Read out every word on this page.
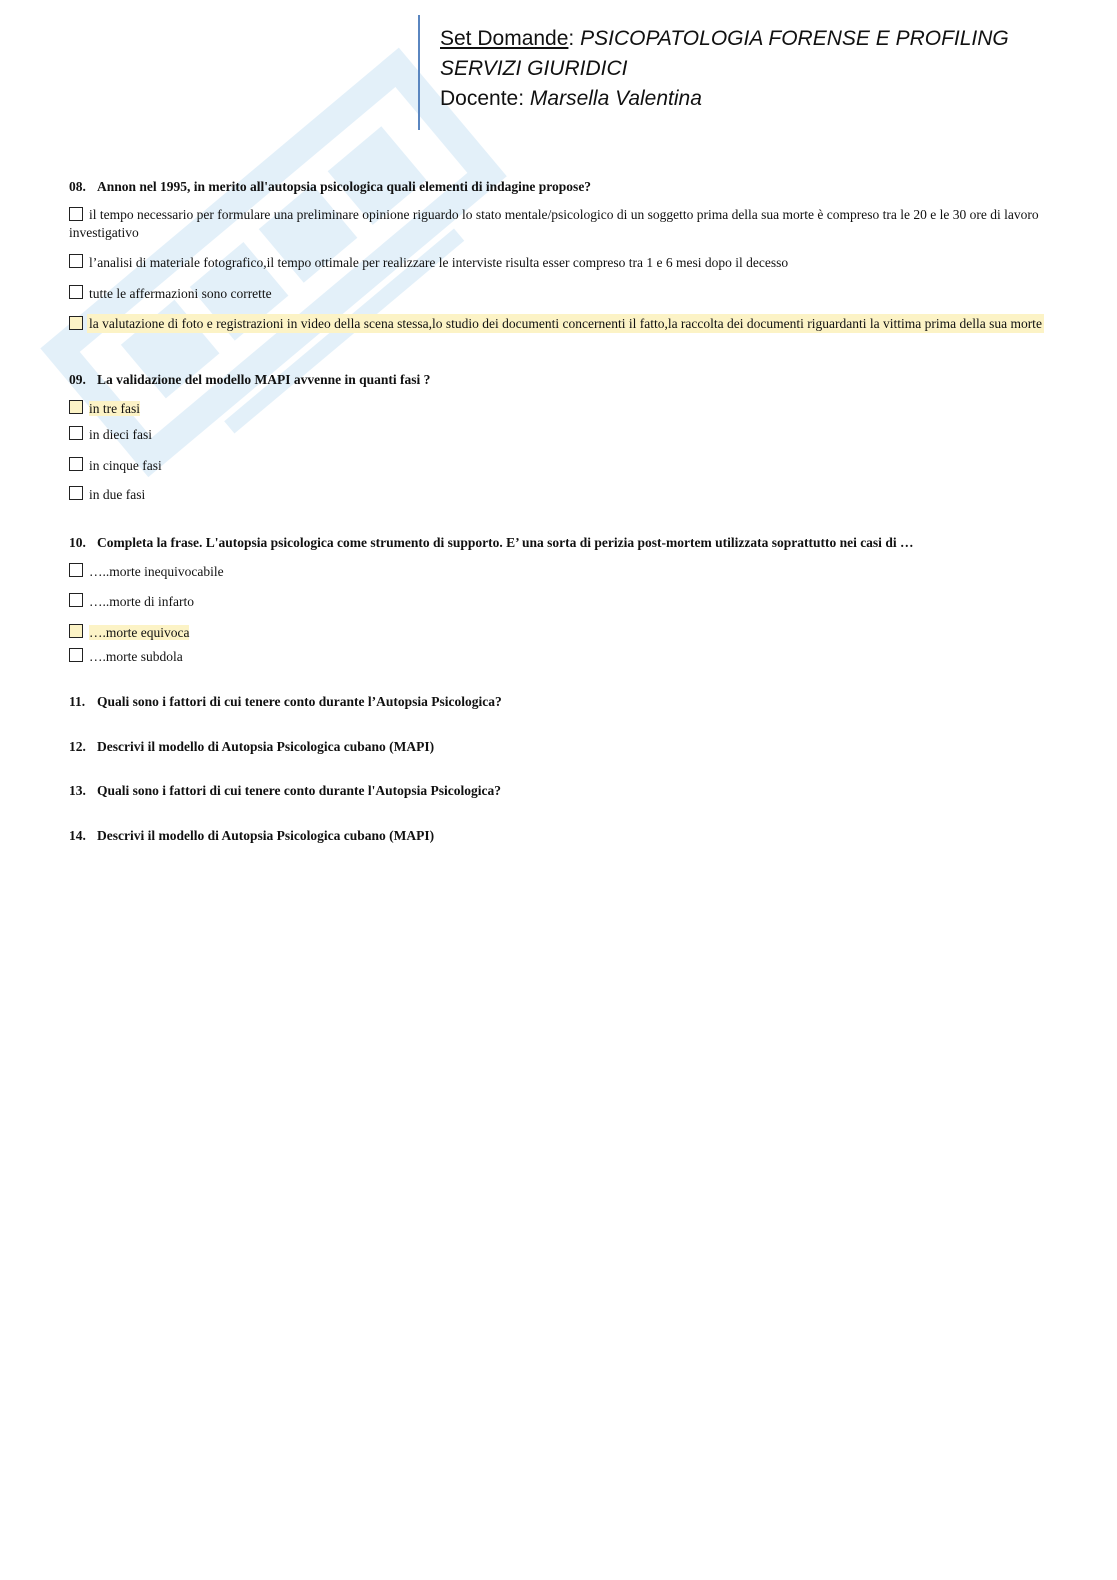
Set Domande: PSICOPATOLOGIA FORENSE E PROFILING SERVIZI GIURIDICI
Docente: Marsella Valentina
08. Annon nel 1995, in merito all'autopsia psicologica quali elementi di indagine propose?
il tempo necessario per formulare una preliminare opinione riguardo lo stato mentale/psicologico di un soggetto prima della sua morte è compreso tra le 20 e le 30 ore di lavoro investigativo
l’analisi di materiale fotografico,il tempo ottimale per realizzare le interviste risulta esser compreso tra 1 e 6 mesi dopo il decesso
tutte le affermazioni sono corrette
la valutazione di foto e registrazioni in video della scena stessa,lo studio dei documenti concernenti il fatto,la raccolta dei documenti riguardanti la vittima prima della sua morte
09. La validazione del modello MAPI avvenne in quanti fasi ?
in tre fasi
in dieci fasi
in cinque fasi
in due fasi
10. Completa la frase. L'autopsia psicologica come strumento di supporto. E’ una sorta di perizia post-mortem utilizzata soprattutto nei casi di …
…..morte inequivocabile
…..morte di infarto
….morte equivoca
….morte subdola
11. Quali sono i fattori di cui tenere conto durante l’Autopsia Psicologica?
12. Descrivi il modello di Autopsia Psicologica cubano (MAPI)
13. Quali sono i fattori di cui tenere conto durante l'Autopsia Psicologica?
14. Descrivi il modello di Autopsia Psicologica cubano (MAPI)
